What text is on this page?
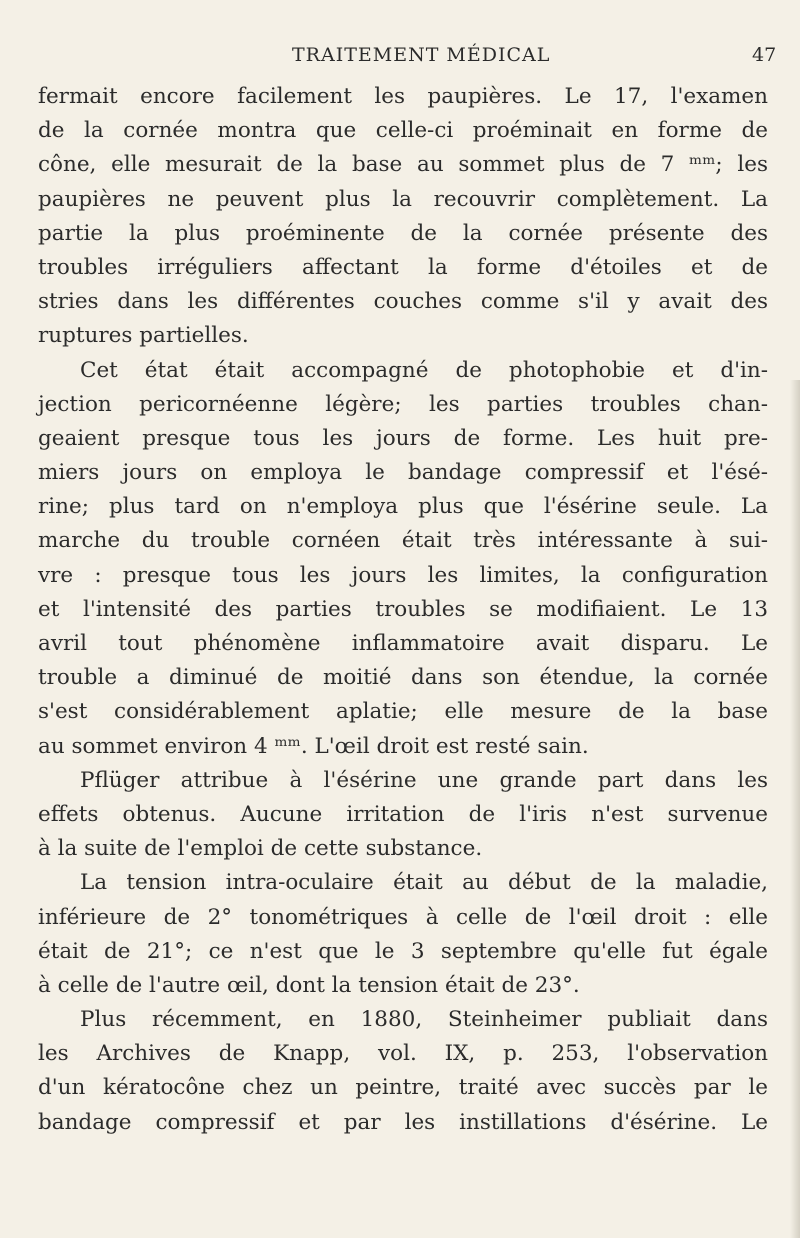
TRAITEMENT MÉDICAL	47
fermait encore facilement les paupières. Le 17, l'examen
de la cornée montra que celle-ci proéminait en forme de
cône, elle mesurait de la base au sommet plus de 7 ᵐᵐ; les
paupières ne peuvent plus la recouvrir complètement. La
partie la plus proéminente de la cornée présente des
troubles irréguliers affectant la forme d'étoiles et de
stries dans les différentes couches comme s'il y avait des
ruptures partielles.
Cet état était accompagné de photophobie et d'in-
jection pericornéenne légère; les parties troubles chan-
geaient presque tous les jours de forme. Les huit pre-
miers jours on employa le bandage compressif et l'ésé-
rine; plus tard on n'employa plus que l'ésérine seule. La
marche du trouble cornéen était très intéressante à sui-
vre : presque tous les jours les limites, la configuration
et l'intensité des parties troubles se modifiaient. Le 13
avril tout phénomène inflammatoire avait disparu. Le
trouble a diminué de moitié dans son étendue, la cornée
s'est considérablement aplatie; elle mesure de la base
au sommet environ 4 ᵐᵐ. L'œil droit est resté sain.
Pflüger attribue à l'ésérine une grande part dans les
effets obtenus. Aucune irritation de l'iris n'est survenue
à la suite de l'emploi de cette substance.
La tension intra-oculaire était au début de la maladie,
inférieure de 2° tonométriques à celle de l'œil droit : elle
était de 21°; ce n'est que le 3 septembre qu'elle fut égale
à celle de l'autre œil, dont la tension était de 23°.
Plus récemment, en 1880, Steinheimer publiait dans
les Archives de Knapp, vol. IX, p. 253, l'observation
d'un kératocône chez un peintre, traité avec succès par le
bandage compressif et par les instillations d'ésérine. Le
